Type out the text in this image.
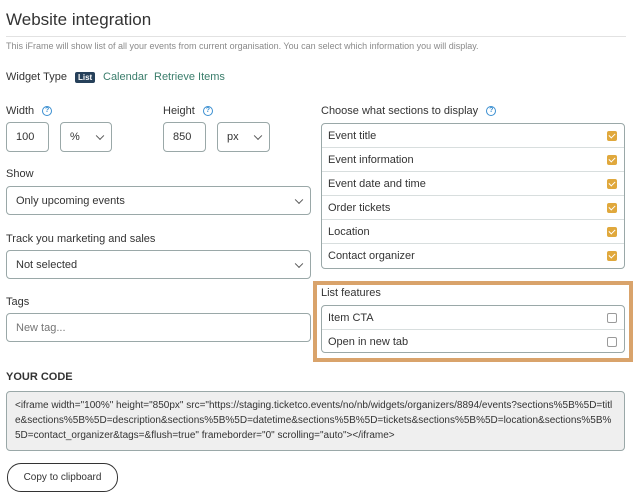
Website integration
This iFrame will show list of all your events from current organisation. You can select which information you will display.
Widget Type	List Calendar Retrieve Items
Width ?
100	%
Height ?
850	px
Show
Only upcoming events
Track you marketing and sales
Not selected
Tags
New tag...
Choose what sections to display ?
Event title
Event information
Event date and time
Order tickets
Location
Contact organizer
List features
Item CTA
Open in new tab
YOUR CODE
<iframe width="100%" height="850px" src="https://staging.ticketco.events/no/nb/widgets/organizers/8894/events?sections%5B%5D=title&sections%5B%5D=description&sections%5B%5D=datetime&sections%5B%5D=tickets&sections%5B%5D=location&sections%5B%5D=contact_organizer&tags=&flush=true" frameborder="0" scrolling="auto"></iframe>
Copy to clipboard
